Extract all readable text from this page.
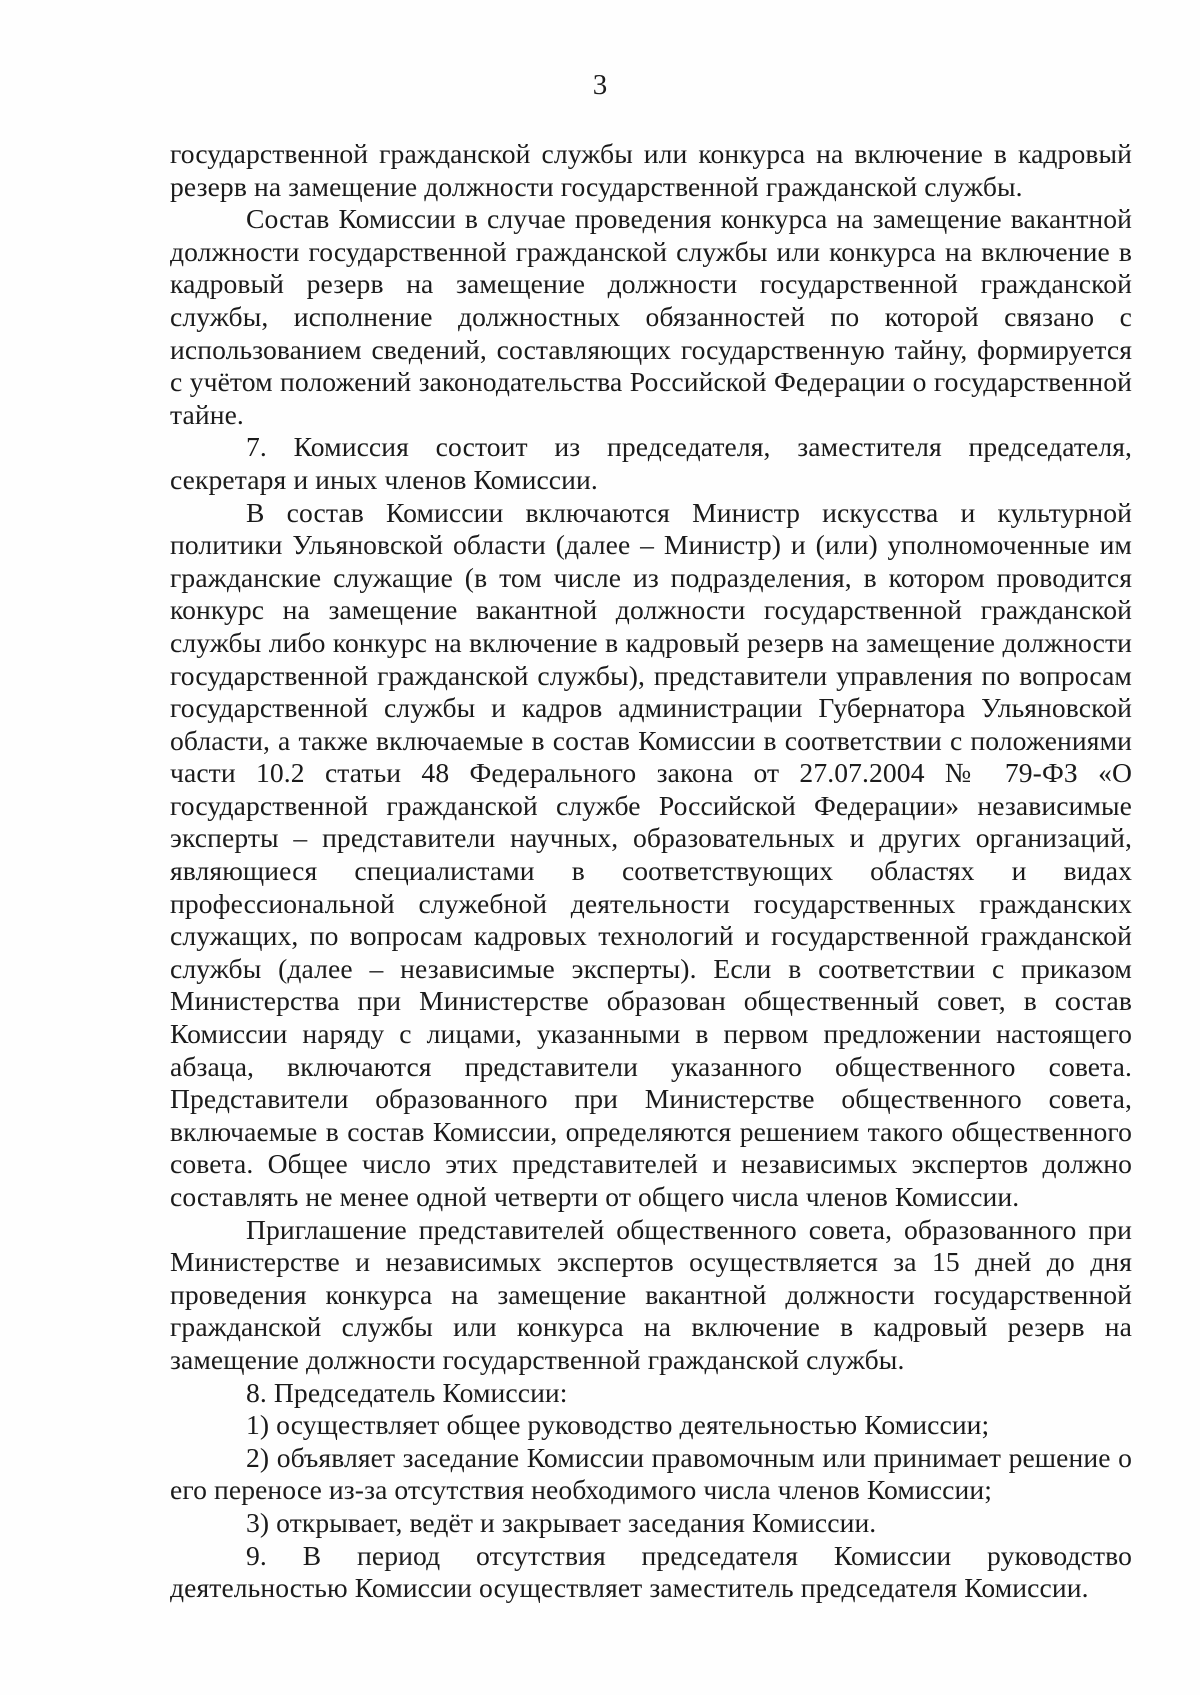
3

государственной гражданской службы или конкурса на включение в кадровый резерв на замещение должности государственной гражданской службы.

Состав Комиссии в случае проведения конкурса на замещение вакантной должности государственной гражданской службы или конкурса на включение в кадровый резерв на замещение должности государственной гражданской службы, исполнение должностных обязанностей по которой связано с использованием сведений, составляющих государственную тайну, формируется с учётом положений законодательства Российской Федерации о государственной тайне.

7. Комиссия состоит из председателя, заместителя председателя, секретаря и иных членов Комиссии.

В состав Комиссии включаются Министр искусства и культурной политики Ульяновской области (далее – Министр) и (или) уполномоченные им гражданские служащие (в том числе из подразделения, в котором проводится конкурс на замещение вакантной должности государственной гражданской службы либо конкурс на включение в кадровый резерв на замещение должности государственной гражданской службы), представители управления по вопросам государственной службы и кадров администрации Губернатора Ульяновской области, а также включаемые в состав Комиссии в соответствии с положениями части 10.2 статьи 48 Федерального закона от 27.07.2004 № 79-ФЗ «О государственной гражданской службе Российской Федерации» независимые эксперты – представители научных, образовательных и других организаций, являющиеся специалистами в соответствующих областях и видах профессиональной служебной деятельности государственных гражданских служащих, по вопросам кадровых технологий и государственной гражданской службы (далее – независимые эксперты). Если в соответствии с приказом Министерства при Министерстве образован общественный совет, в состав Комиссии наряду с лицами, указанными в первом предложении настоящего абзаца, включаются представители указанного общественного совета. Представители образованного при Министерстве общественного совета, включаемые в состав Комиссии, определяются решением такого общественного совета. Общее число этих представителей и независимых экспертов должно составлять не менее одной четверти от общего числа членов Комиссии.

Приглашение представителей общественного совета, образованного при Министерстве и независимых экспертов осуществляется за 15 дней до дня проведения конкурса на замещение вакантной должности государственной гражданской службы или конкурса на включение в кадровый резерв на замещение должности государственной гражданской службы.

8. Председатель Комиссии:

1) осуществляет общее руководство деятельностью Комиссии;

2) объявляет заседание Комиссии правомочным или принимает решение о его переносе из-за отсутствия необходимого числа членов Комиссии;

3) открывает, ведёт и закрывает заседания Комиссии.

9. В период отсутствия председателя Комиссии руководство деятельностью Комиссии осуществляет заместитель председателя Комиссии.
